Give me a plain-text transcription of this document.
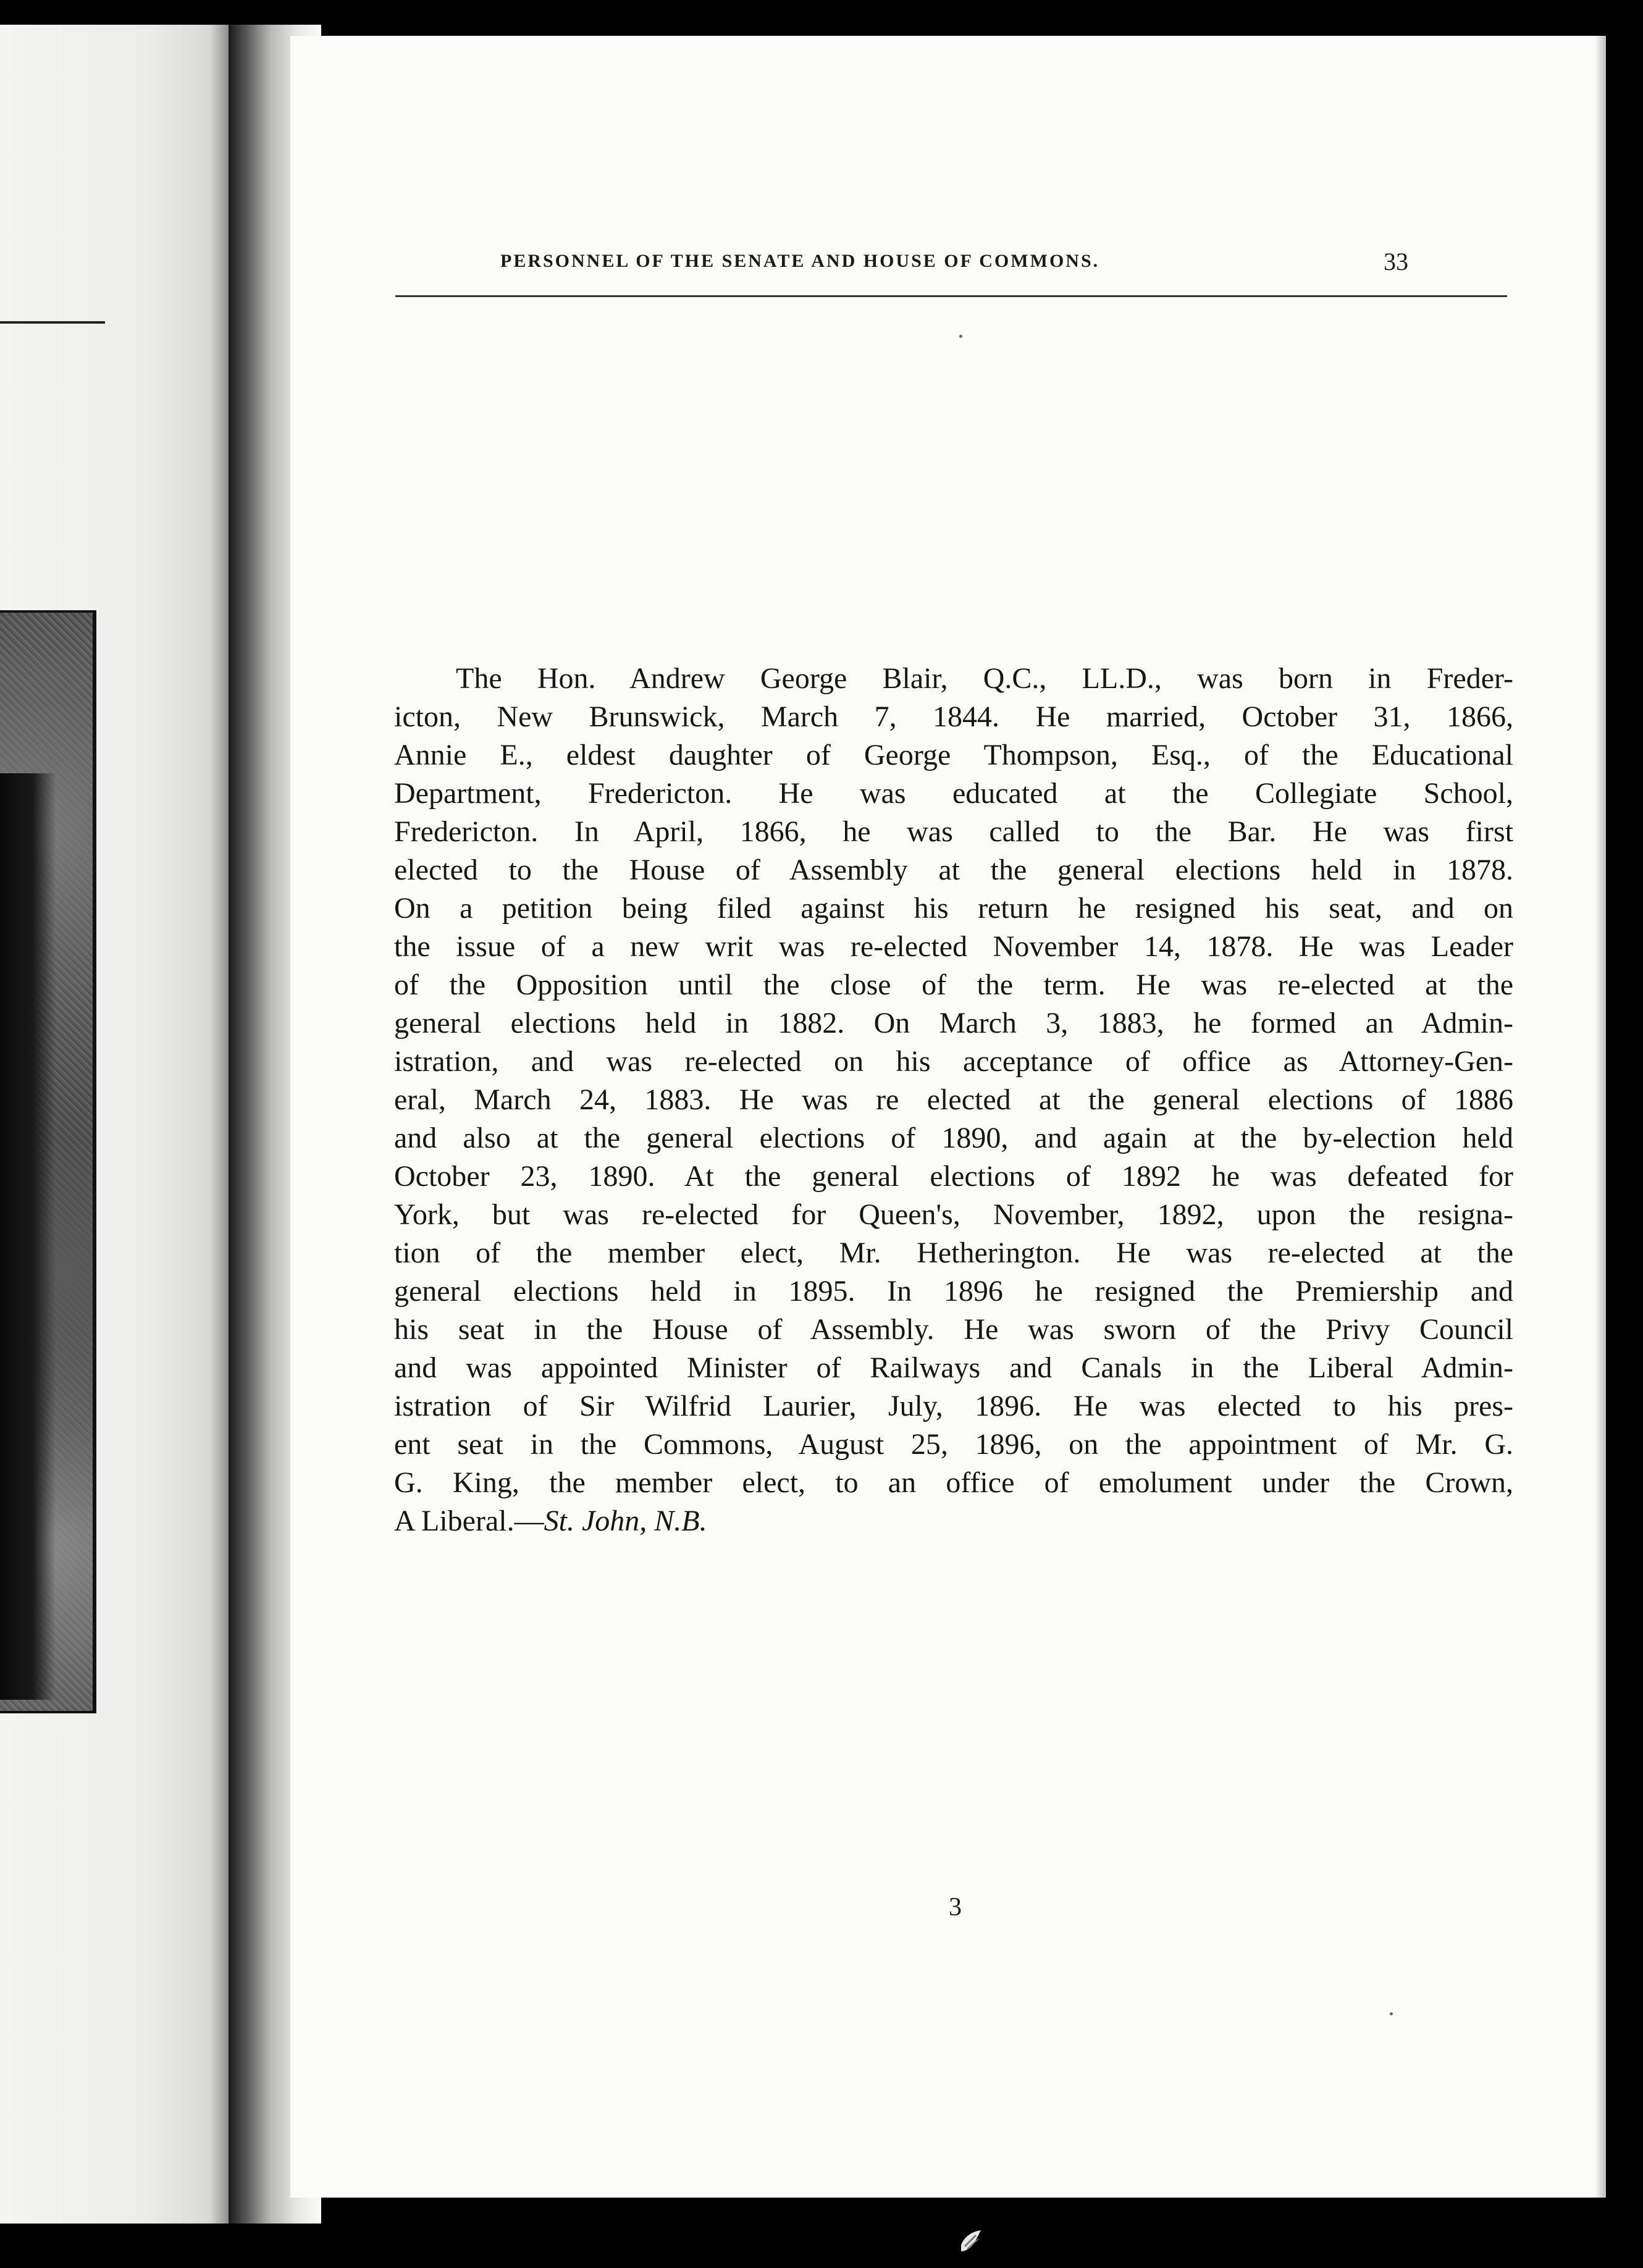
PERSONNEL OF THE SENATE AND HOUSE OF COMMONS.	33
The Hon. Andrew George Blair, Q.C., LL.D., was born in Freder-
icton, New Brunswick, March 7, 1844. He married, October 31, 1866,
Annie E., eldest daughter of George Thompson, Esq., of the Educational
Department, Fredericton. He was educated at the Collegiate School,
Fredericton. In April, 1866, he was called to the Bar. He was first
elected to the House of Assembly at the general elections held in 1878.
On a petition being filed against his return he resigned his seat, and on
the issue of a new writ was re-elected November 14, 1878. He was Leader
of the Opposition until the close of the term. He was re-elected at the
general elections held in 1882. On March 3, 1883, he formed an Admin-
istration, and was re-elected on his acceptance of office as Attorney-Gen-
eral, March 24, 1883. He was re elected at the general elections of 1886
and also at the general elections of 1890, and again at the by-election held
October 23, 1890. At the general elections of 1892 he was defeated for
York, but was re-elected for Queen's, November, 1892, upon the resigna-
tion of the member elect, Mr. Hetherington. He was re-elected at the
general elections held in 1895. In 1896 he resigned the Premiership and
his seat in the House of Assembly. He was sworn of the Privy Council
and was appointed Minister of Railways and Canals in the Liberal Admin-
istration of Sir Wilfrid Laurier, July, 1896. He was elected to his pres-
ent seat in the Commons, August 25, 1896, on the appointment of Mr. G.
G. King, the member elect, to an office of emolument under the Crown,
A Liberal.—St. John, N.B.
3
